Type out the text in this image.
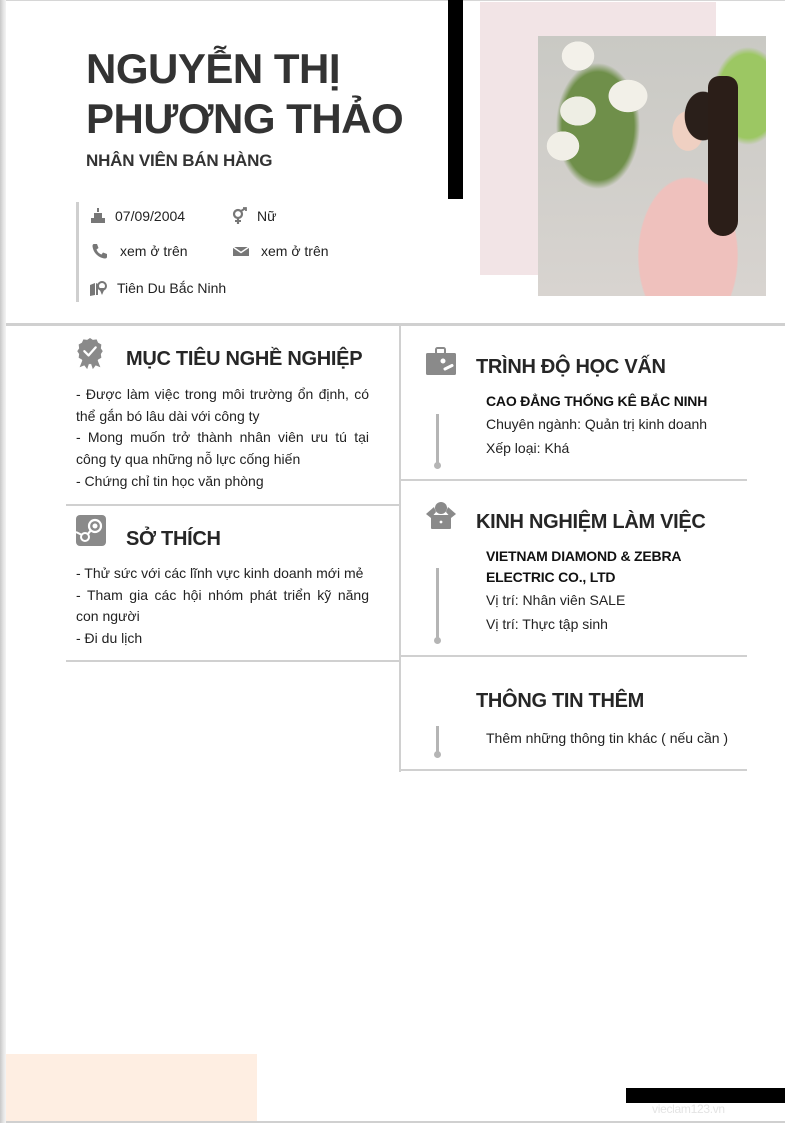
NGUYỄN THỊ
PHƯƠNG THẢO
NHÂN VIÊN BÁN HÀNG
07/09/2004	Nữ
xem ở trên	xem ở trên
Tiên Du Bắc Ninh
MỤC TIÊU NGHỀ NGHIỆP

- Được làm việc trong môi trường ổn định, có thể gắn bó lâu dài với công ty

- Mong muốn trở thành nhân viên ưu tú tại công ty qua những nỗ lực cống hiến

- Chứng chỉ tin học văn phòng

SỞ THÍCH

- Thử sức với các lĩnh vực kinh doanh mới mẻ

- Tham gia các hội nhóm phát triển kỹ năng con người

- Đi du lịch

TRÌNH ĐỘ HỌC VẤN
CAO ĐẲNG THỐNG KÊ BẮC NINH
Chuyên ngành: Quản trị kinh doanh
Xếp loại: Khá
KINH NGHIỆM LÀM VIỆC
VIETNAM DIAMOND & ZEBRA
ELECTRIC CO., LTD
Vị trí: Nhân viên SALE
Vị trí: Thực tập sinh
THÔNG TIN THÊM
Thêm những thông tin khác ( nếu cần )
vieclam123.vn
